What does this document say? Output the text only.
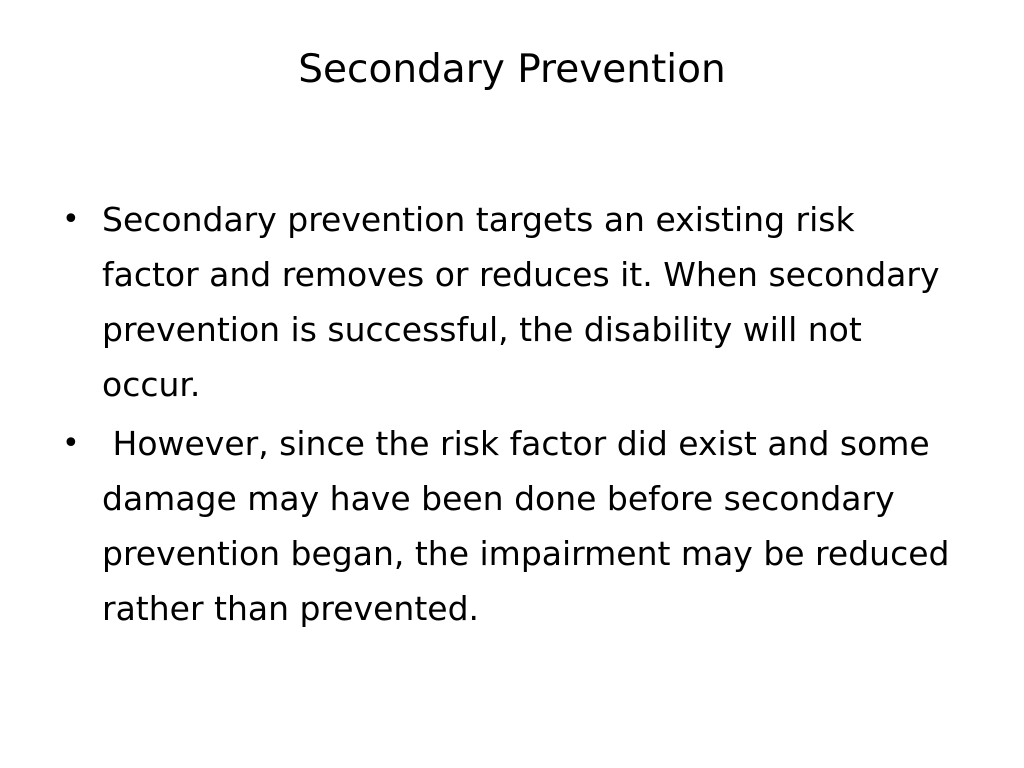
Secondary Prevention
• Secondary prevention targets an existing risk factor and removes or reduces it. When secondary prevention is successful, the disability will not occur.
• However, since the risk factor did exist and some damage may have been done before secondary prevention began, the impairment may be reduced rather than prevented.
